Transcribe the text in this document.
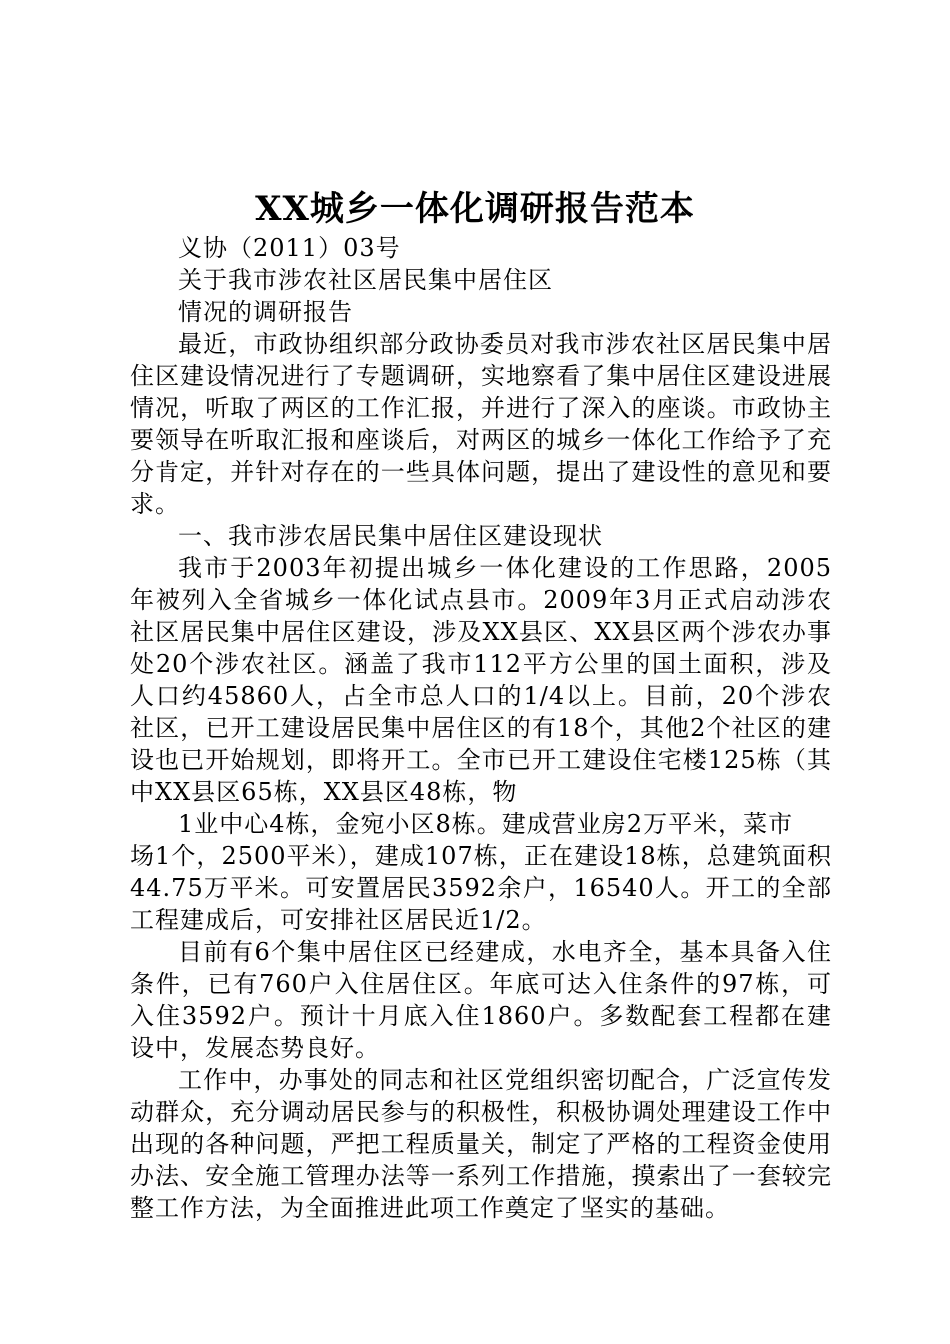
XX城乡一体化调研报告范本

义协（2011）03号

关于我市涉农社区居民集中居住区

情况的调研报告

最近，市政协组织部分政协委员对我市涉农社区居民集中居住区建设情况进行了专题调研，实地察看了集中居住区建设进展情况，听取了两区的工作汇报，并进行了深入的座谈。市政协主要领导在听取汇报和座谈后，对两区的城乡一体化工作给予了充分肯定，并针对存在的一些具体问题，提出了建设性的意见和要求。

一、我市涉农居民集中居住区建设现状

我市于2003年初提出城乡一体化建设的工作思路，2005年被列入全省城乡一体化试点县市。2009年3月正式启动涉农社区居民集中居住区建设，涉及XX县区、XX县区两个涉农办事处20个涉农社区。涵盖了我市112平方公里的国土面积，涉及人口约45860人，占全市总人口的1/4以上。目前，20个涉农社区，已开工建设居民集中居住区的有18个，其他2个社区的建设也已开始规划，即将开工。全市已开工建设住宅楼125栋（其中XX县区65栋，XX县区48栋，物

1业中心4栋，金宛小区8栋。建成营业房2万平米，菜市

场1个，2500平米），建成107栋，正在建设18栋，总建筑面积44.75万平米。可安置居民3592余户，16540人。开工的全部工程建成后，可安排社区居民近1/2。

目前有6个集中居住区已经建成，水电齐全，基本具备入住条件，已有760户入住居住区。年底可达入住条件的97栋，可入住3592户。预计十月底入住1860户。多数配套工程都在建设中，发展态势良好。

工作中，办事处的同志和社区党组织密切配合，广泛宣传发动群众，充分调动居民参与的积极性，积极协调处理建设工作中出现的各种问题，严把工程质量关，制定了严格的工程资金使用办法、安全施工管理办法等一系列工作措施，摸索出了一套较完整工作方法，为全面推进此项工作奠定了坚实的基础。
